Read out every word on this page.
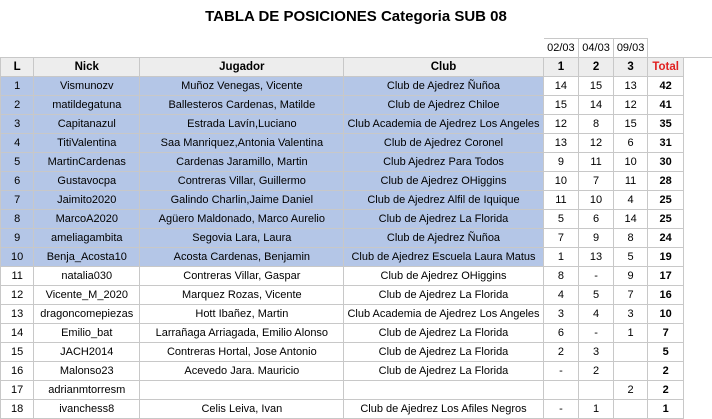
TABLA DE POSICIONES Categoria SUB 08
				02/03	04/03	09/03		
L	Nick	Jugador	Club	1	2	3	Total	
1	Vismunozv	Muñoz Venegas, Vicente	Club de Ajedrez Ñuñoa	14	15	13	42	
2	matildegatuna	Ballesteros Cardenas, Matilde	Club de Ajedrez Chiloe	15	14	12	41	
3	Capitanazul	Estrada Lavín,Luciano	Club Academia de Ajedrez Los Angeles	12	8	15	35	
4	TitiValentina	Saa Manriquez,Antonia Valentina	Club de Ajedrez Coronel	13	12	6	31	
5	MartinCardenas	Cardenas Jaramillo, Martin	Club Ajedrez Para Todos	9	11	10	30	
6	Gustavocpa	Contreras Villar, Guillermo	Club de Ajedrez OHiggins	10	7	11	28	
7	Jaimito2020	Galindo Charlin,Jaime Daniel	Club de Ajedrez Alfil de Iquique	11	10	4	25	
8	MarcoA2020	Agüero Maldonado, Marco Aurelio	Club de Ajedrez La Florida	5	6	14	25	
9	ameliagambita	Segovia Lara, Laura	Club de Ajedrez Ñuñoa	7	9	8	24	
10	Benja_Acosta10	Acosta Cardenas, Benjamin	Club de Ajedrez Escuela Laura Matus	1	13	5	19	
11	natalia030	Contreras Villar, Gaspar	Club de Ajedrez OHiggins	8	-	9	17	
12	Vicente_M_2020	Marquez Rozas, Vicente	Club de Ajedrez La Florida	4	5	7	16	
13	dragoncomepiezas	Hott Ibañez, Martin	Club Academia de Ajedrez Los Angeles	3	4	3	10	
14	Emilio_bat	Larrañaga Arriagada, Emilio Alonso	Club de Ajedrez La Florida	6	-	1	7	
15	JACH2014	Contreras Hortal, Jose Antonio	Club de Ajedrez La Florida	2	3		5	
16	Malonso23	Acevedo Jara. Mauricio	Club de Ajedrez La Florida	-	2		2	
17	adrianmtorresm					2	2	
18	ivanchess8	Celis Leiva, Ivan	Club de Ajedrez Los Afiles Negros	-	1		1	
